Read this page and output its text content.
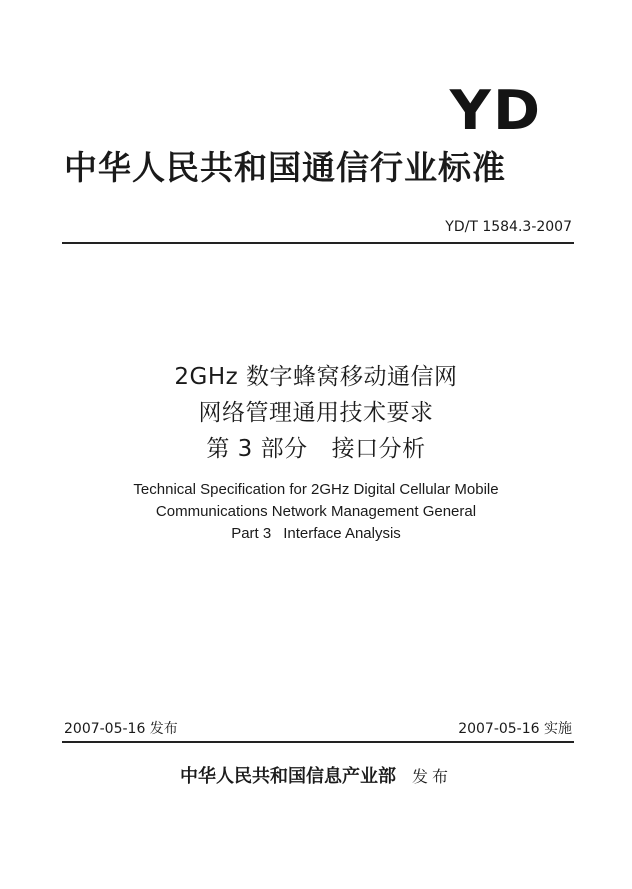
YD
中华人民共和国通信行业标准
YD/T 1584.3-2007
2GHz 数字蜂窝移动通信网
网络管理通用技术要求
第 3 部分 接口分析
Technical Specification for 2GHz Digital Cellular Mobile
Communications Network Management General
Part 3 Interface Analysis
2007-05-16 发布	2007-05-16 实施
中华人民共和国信息产业部 发布
